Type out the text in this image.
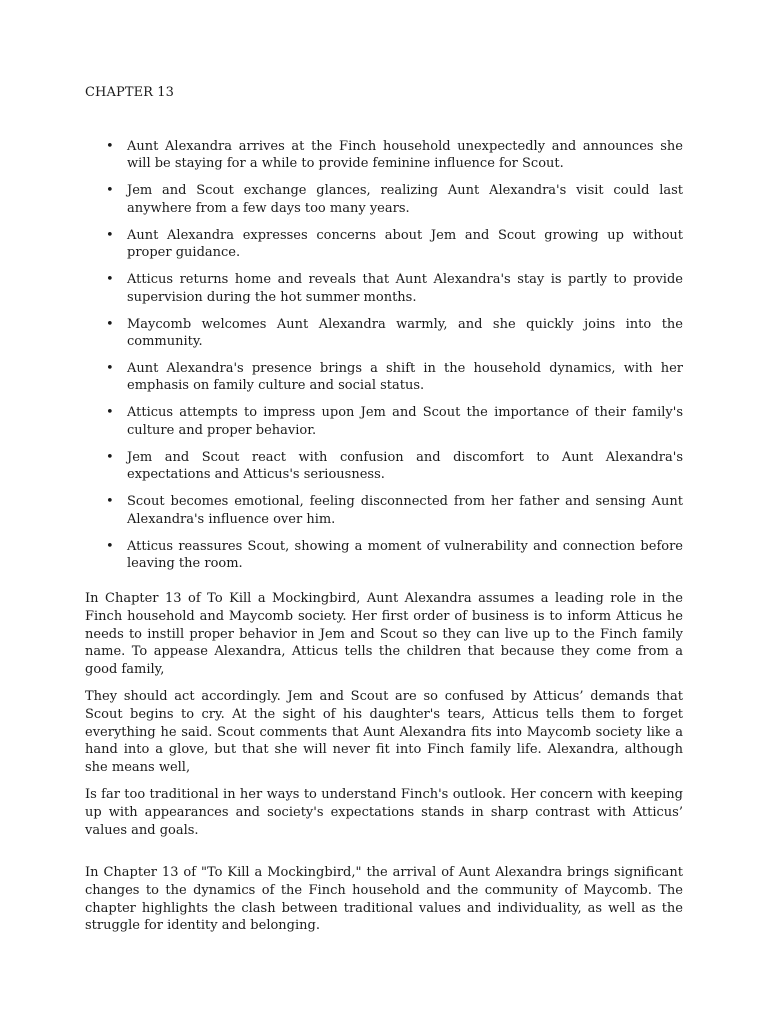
CHAPTER 13
• Aunt Alexandra arrives at the Finch household unexpectedly and announces she will be staying for a while to provide feminine influence for Scout.
• Jem and Scout exchange glances, realizing Aunt Alexandra's visit could last anywhere from a few days too many years.
• Aunt Alexandra expresses concerns about Jem and Scout growing up without proper guidance.
• Atticus returns home and reveals that Aunt Alexandra's stay is partly to provide supervision during the hot summer months.
• Maycomb welcomes Aunt Alexandra warmly, and she quickly joins into the community.
• Aunt Alexandra's presence brings a shift in the household dynamics, with her emphasis on family culture and social status.
• Atticus attempts to impress upon Jem and Scout the importance of their family's culture and proper behavior.
• Jem and Scout react with confusion and discomfort to Aunt Alexandra's expectations and Atticus's seriousness.
• Scout becomes emotional, feeling disconnected from her father and sensing Aunt Alexandra's influence over him.
• Atticus reassures Scout, showing a moment of vulnerability and connection before leaving the room.

In Chapter 13 of To Kill a Mockingbird, Aunt Alexandra assumes a leading role in the Finch household and Maycomb society. Her first order of business is to inform Atticus he needs to instill proper behavior in Jem and Scout so they can live up to the Finch family name. To appease Alexandra, Atticus tells the children that because they come from a good family,

They should act accordingly. Jem and Scout are so confused by Atticus’ demands that Scout begins to cry. At the sight of his daughter's tears, Atticus tells them to forget everything he said. Scout comments that Aunt Alexandra fits into Maycomb society like a hand into a glove, but that she will never fit into Finch family life. Alexandra, although she means well,

Is far too traditional in her ways to understand Finch's outlook. Her concern with keeping up with appearances and society's expectations stands in sharp contrast with Atticus’ values and goals.

In Chapter 13 of "To Kill a Mockingbird," the arrival of Aunt Alexandra brings significant changes to the dynamics of the Finch household and the community of Maycomb. The chapter highlights the clash between traditional values and individuality, as well as the struggle for identity and belonging.
